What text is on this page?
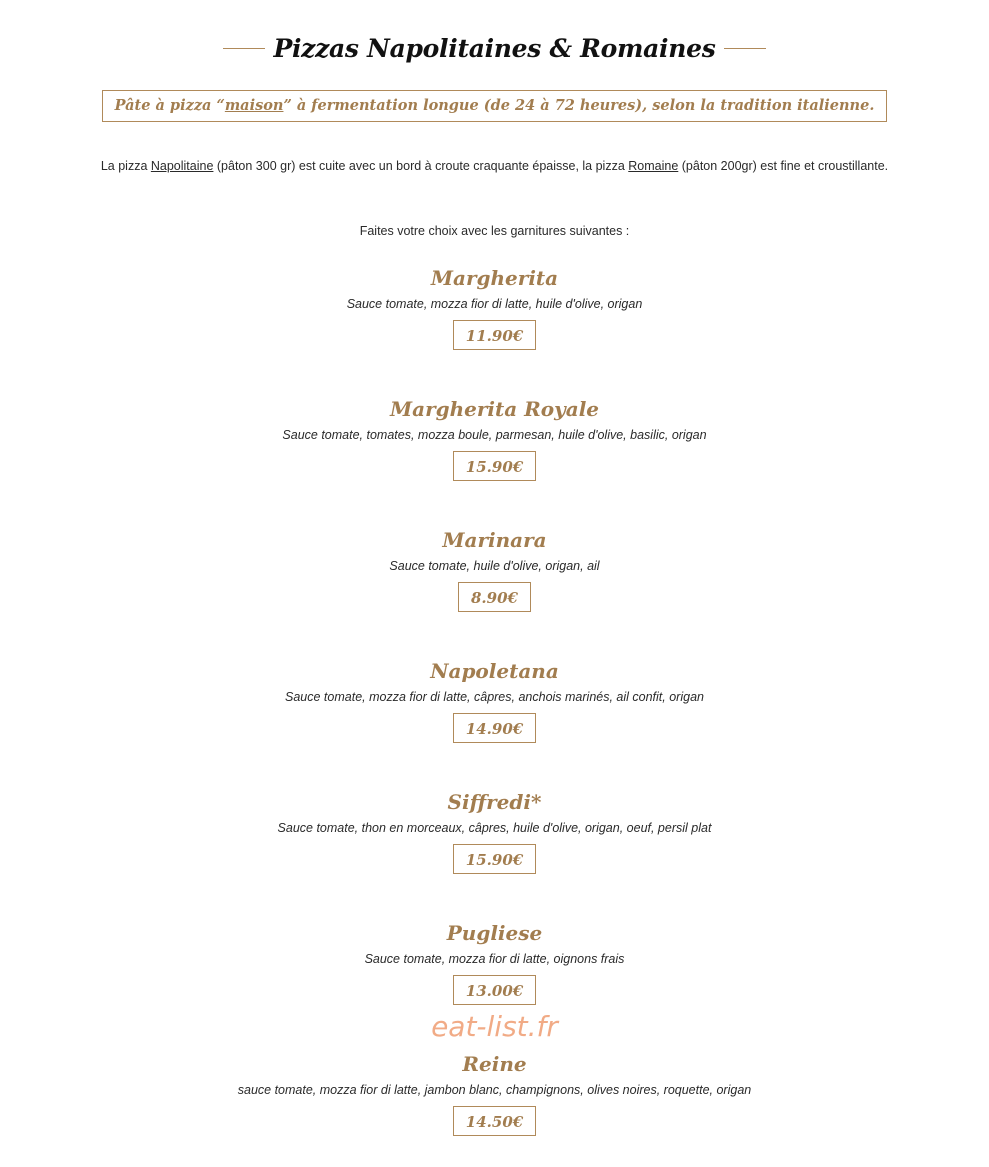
Pizzas Napolitaines & Romaines
Pâte à pizza “maison” à fermentation longue (de 24 à 72 heures), selon la tradition italienne.
La pizza Napolitaine (pâton 300 gr) est cuite avec un bord à croute craquante épaisse, la pizza Romaine (pâton 200gr) est fine et croustillante.
Faites votre choix avec les garnitures suivantes :
Margherita
Sauce tomate, mozza fior di latte, huile d'olive, origan
11.90€
Margherita Royale
Sauce tomate, tomates, mozza boule, parmesan, huile d'olive, basilic, origan
15.90€
Marinara
Sauce tomate, huile d'olive, origan, ail
8.90€
Napoletana
Sauce tomate, mozza fior di latte, câpres, anchois marinés, ail confit, origan
14.90€
Siffredi*
Sauce tomate, thon en morceaux, câpres, huile d'olive, origan, oeuf, persil plat
15.90€
Pugliese
Sauce tomate, mozza fior di latte, oignons frais
13.00€
Reine
sauce tomate, mozza fior di latte, jambon blanc, champignons, olives noires, roquette, origan
14.50€
eat-list.fr
